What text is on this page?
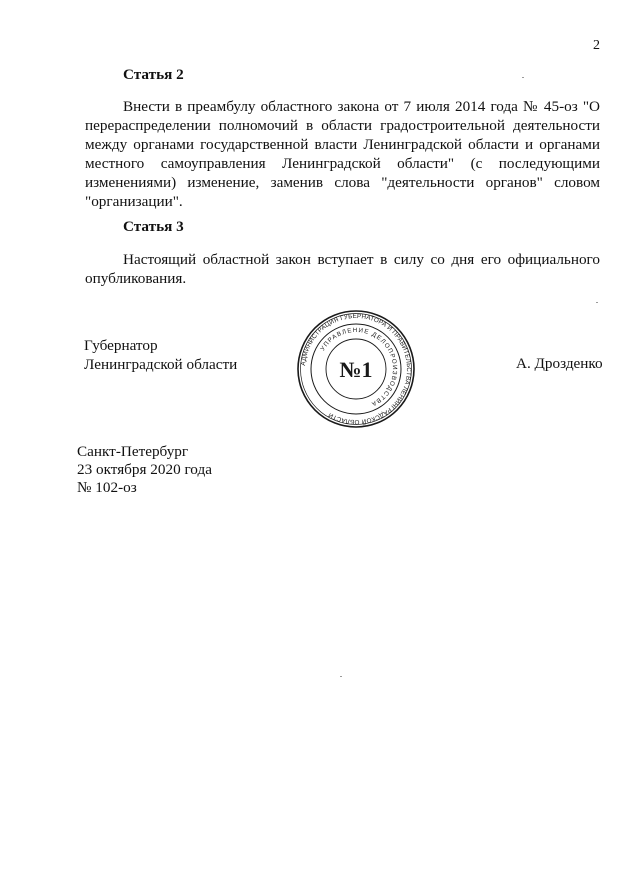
2
Статья 2
Внести в преамбулу областного закона от 7 июля 2014 года № 45-оз "О перераспределении полномочий в области градостроительной деятельности между органами государственной власти Ленинградской области и органами местного самоуправления Ленинградской области" (с последующими изменениями) изменение, заменив слова "деятельности органов" словом "организации".
Статья 3
Настоящий областной закон вступает в силу со дня его официального опубликования.
Губернатор
Ленинградской области	АДМИНИСТРАЦИЯ ГУБЕРНАТОРА И ПРАВИТЕЛЬСТВА ЛЕНИНГРАДСКОЙ ОБЛАСТИ
УПРАВЛЕНИЕ ДЕЛОПРОИЗВОДСТВА
№1	А. Дрозденко
Санкт-Петербург
23 октября 2020 года
№ 102-оз
